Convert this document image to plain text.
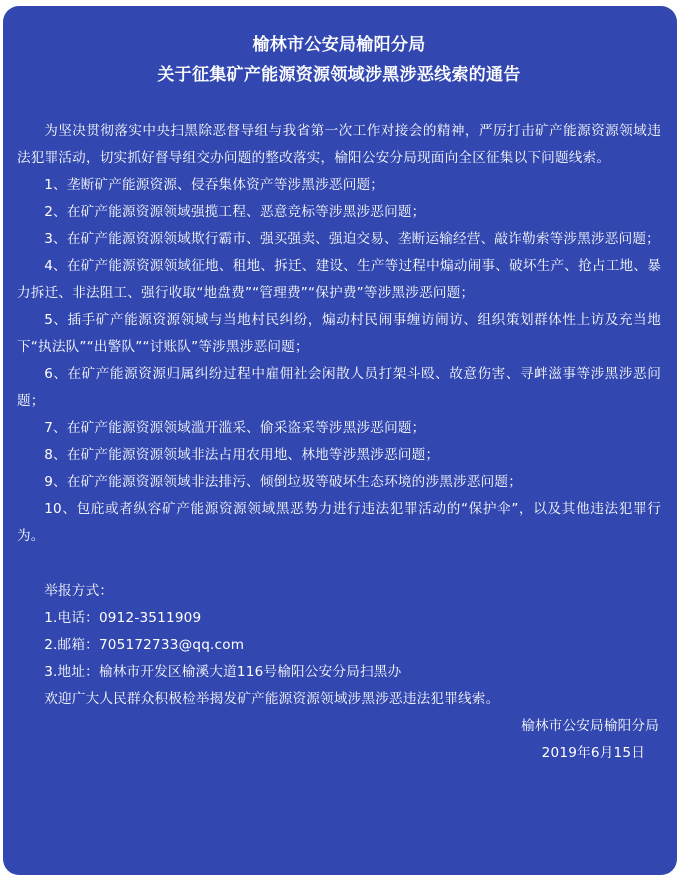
榆林市公安局榆阳分局
关于征集矿产能源资源领域涉黑涉恶线索的通告

为坚决贯彻落实中央扫黑除恶督导组与我省第一次工作对接会的精神，严厉打击矿产能源资源领域违法犯罪活动，切实抓好督导组交办问题的整改落实，榆阳公安分局现面向全区征集以下问题线索。

1、垄断矿产能源资源、侵吞集体资产等涉黑涉恶问题；

2、在矿产能源资源领域强揽工程、恶意竞标等涉黑涉恶问题；

3、在矿产能源资源领域欺行霸市、强买强卖、强迫交易、垄断运输经营、敲诈勒索等涉黑涉恶问题；

4、在矿产能源资源领域征地、租地、拆迁、建设、生产等过程中煽动闹事、破坏生产、抢占工地、暴力拆迁、非法阻工、强行收取“地盘费”“管理费”“保护费”等涉黑涉恶问题；

5、插手矿产能源资源领域与当地村民纠纷，煽动村民闹事缠访闹访、组织策划群体性上访及充当地下“执法队”“出警队”“讨账队”等涉黑涉恶问题；

6、在矿产能源资源归属纠纷过程中雇佣社会闲散人员打架斗殴、故意伤害、寻衅滋事等涉黑涉恶问题；

7、在矿产能源资源领域滥开滥采、偷采盗采等涉黑涉恶问题；

8、在矿产能源资源领域非法占用农用地、林地等涉黑涉恶问题；

9、在矿产能源资源领域非法排污、倾倒垃圾等破坏生态环境的涉黑涉恶问题；

10、包庇或者纵容矿产能源资源领域黑恶势力进行违法犯罪活动的“保护伞”，以及其他违法犯罪行为。

举报方式：

1.电话：0912-3511909

2.邮箱：705172733@qq.com

3.地址：榆林市开发区榆溪大道116号榆阳公安分局扫黑办

欢迎广大人民群众积极检举揭发矿产能源资源领域涉黑涉恶违法犯罪线索。

榆林市公安局榆阳分局

2019年6月15日
